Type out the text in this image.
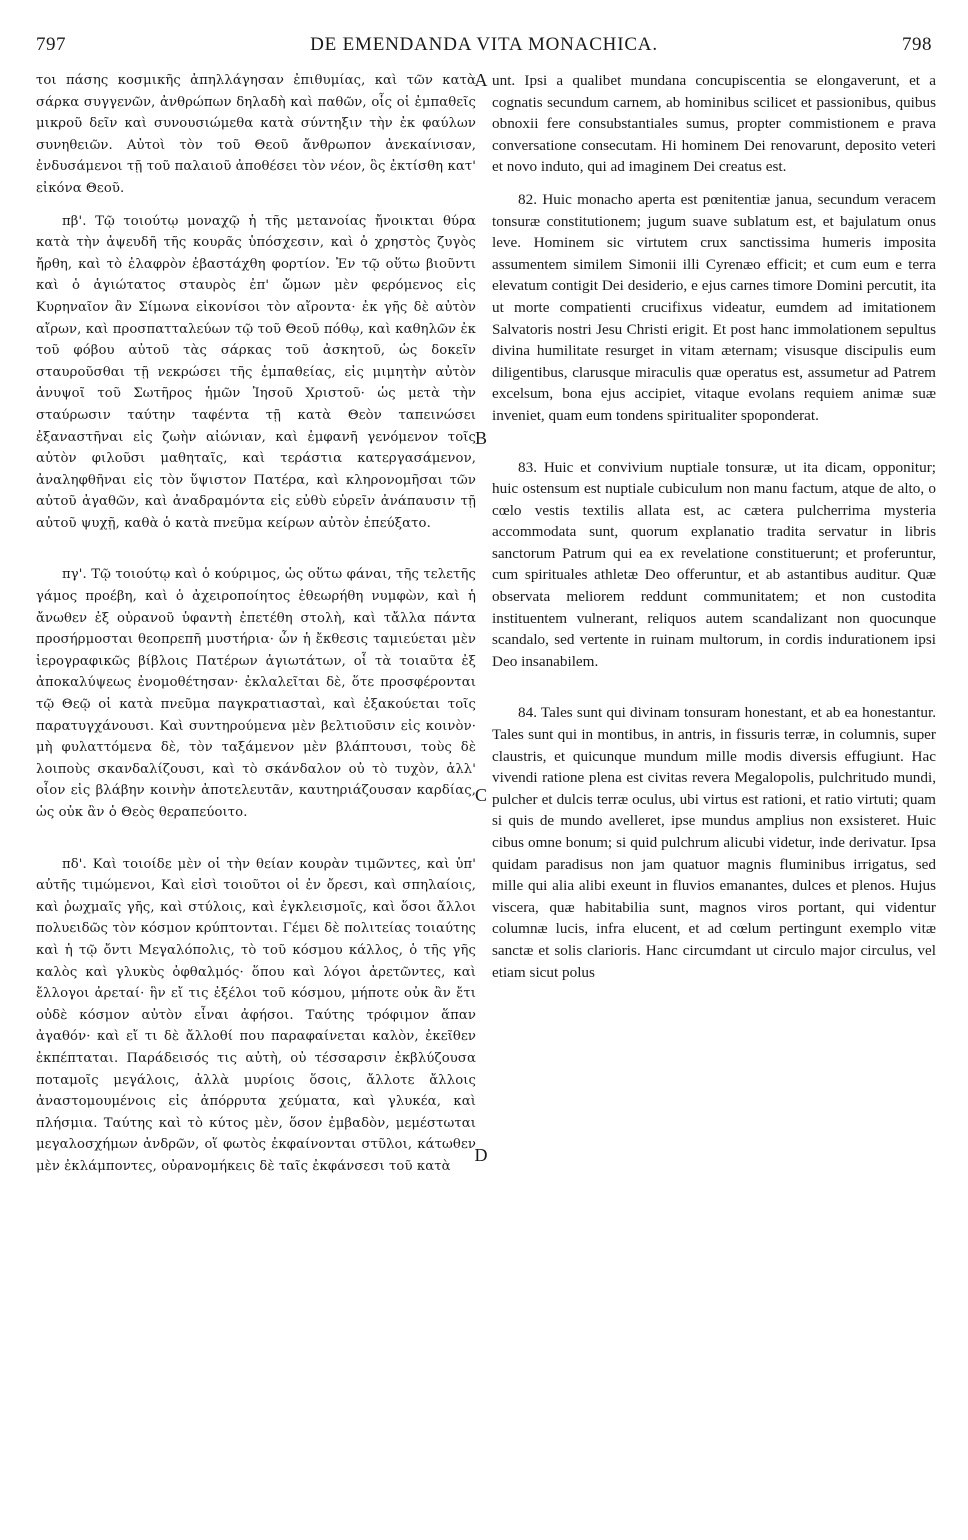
797	DE EMENDANDA VITA MONACHICA.	798

τοι πάσης κοσμικῆς ἀπηλλάγησαν ἐπιθυμίας, καὶ τῶν κατὰ σάρκα συγγενῶν, ἀνθρώπων δηλαδὴ καὶ παθῶν, οἷς οἱ ἐμπαθεῖς μικροῦ δεῖν καὶ συνουσιώμεθα κατὰ σύντηξιν τὴν ἐκ φαύλων συνηθειῶν. Αὐτοὶ τὸν τοῦ Θεοῦ ἄνθρωπον ἀνεκαίνισαν, ἐνδυσάμενοι τῇ τοῦ παλαιοῦ ἀποθέσει τὸν νέον, ὃς ἐκτίσθη κατ' εἰκόνα Θεοῦ.

πβ'. Τῷ τοιούτῳ μοναχῷ ἡ τῆς μετανοίας ἤνοικται θύρα κατὰ τὴν ἀψευδῆ τῆς κουρᾶς ὑπόσχεσιν, καὶ ὁ χρηστὸς ζυγὸς ἤρθη, καὶ τὸ ἐλαφρὸν ἐβαστάχθη φορτίον. Ἐν τῷ οὕτω βιοῦντι καὶ ὁ ἁγιώτατος σταυρὸς ἐπ' ὤμων μὲν φερόμενος εἰς Κυρηναῖον ἂν Σίμωνα εἰκονίσοι τὸν αἴροντα· ἐκ γῆς δὲ αὐτὸν αἴρων, καὶ προσπατταλεύων τῷ τοῦ Θεοῦ πόθῳ, καὶ καθηλῶν ἐκ τοῦ φόβου αὐτοῦ τὰς σάρκας τοῦ ἀσκητοῦ, ὡς δοκεῖν σταυροῦσθαι τῇ νεκρώσει τῆς ἐμπαθείας, εἰς μιμητὴν αὐτὸν ἀνυψοῖ τοῦ Σωτῆρος ἡμῶν Ἰησοῦ Χριστοῦ· ὡς μετὰ τὴν σταύρωσιν ταύτην ταφέντα τῇ κατὰ Θεὸν ταπεινώσει ἐξαναστῆναι εἰς ζωὴν αἰώνιαν, καὶ ἐμφανῆ γενόμενον τοῖς αὐτὸν φιλοῦσι μαθηταῖς, καὶ τεράστια κατεργασάμενον, ἀναληφθῆναι εἰς τὸν ὕψιστον Πατέρα, καὶ κληρονομῆσαι τῶν αὐτοῦ ἀγαθῶν, καὶ ἀναδραμόντα εἰς εὐθὺ εὑρεῖν ἀνάπαυσιν τῇ αὐτοῦ ψυχῇ, καθὰ ὁ κατὰ πνεῦμα κείρων αὐτὸν ἐπεύξατο.

πγ'. Τῷ τοιούτῳ καὶ ὁ κούριμος, ὡς οὕτω φάναι, τῆς τελετῆς γάμος προέβη, καὶ ὁ ἀχειροποίητος ἐθεωρήθη νυμφὼν, καὶ ἡ ἄνωθεν ἐξ οὐρανοῦ ὑφαντὴ ἐπετέθη στολὴ, καὶ τἄλλα πάντα προσήρμοσται θεοπρεπῆ μυστήρια· ὧν ἡ ἔκθεσις ταμιεύεται μὲν ἱερογραφικῶς βίβλοις Πατέρων ἁγιωτάτων, οἷ τὰ τοιαῦτα ἐξ ἀποκαλύψεως ἐνομοθέτησαν· ἐκλαλεῖται δὲ, ὅτε προσφέρονται τῷ Θεῷ οἱ κατὰ πνεῦμα παγκρατιασταὶ, καὶ ἐξακούεται τοῖς παρατυγχάνουσι. Καὶ συντηρούμενα μὲν βελτιοῦσιν εἰς κοινὸν· μὴ φυλαττόμενα δὲ, τὸν ταξάμενον μὲν βλάπτουσι, τοὺς δὲ λοιποὺς σκανδαλίζουσι, καὶ τὸ σκάνδαλον οὐ τὸ τυχὸν, ἀλλ' οἷον εἰς βλάβην κοινὴν ἀποτελευτᾶν, καυτηριάζουσαν καρδίας, ὡς οὐκ ἂν ὁ Θεὸς θεραπεύοιτο.

πδ'. Καὶ τοιοίδε μὲν οἱ τὴν θείαν κουρὰν τιμῶντες, καὶ ὑπ' αὐτῆς τιμώμενοι, Καὶ εἰσὶ τοιοῦτοι οἱ ἐν ὄρεσι, καὶ σπηλαίοις, καὶ ῥωχμαῖς γῆς, καὶ στύλοις, καὶ ἐγκλεισμοῖς, καὶ ὅσοι ἄλλοι πολυειδῶς τὸν κόσμον κρύπτονται. Γέμει δὲ πολιτείας τοιαύτης καὶ ἡ τῷ ὄντι Μεγαλόπολις, τὸ τοῦ κόσμου κάλλος, ὁ τῆς γῆς καλὸς καὶ γλυκὺς ὀφθαλμός· ὅπου καὶ λόγοι ἀρετῶντες, καὶ ἔλλογοι ἀρεταί· ἣν εἴ τις ἐξέλοι τοῦ κόσμου, μήποτε οὐκ ἂν ἔτι οὐδὲ κόσμον αὐτὸν εἶναι ἀφήσοι. Ταύτης τρόφιμον ἅπαν ἀγαθόν· καὶ εἴ τι δὲ ἄλλοθί που παραφαίνεται καλὸν, ἐκεῖθεν ἐκπέπταται. Παράδεισός τις αὐτὴ, οὐ τέσσαρσιν ἐκβλύζουσα ποταμοῖς μεγάλοις, ἀλλὰ μυρίοις ὅσοις, ἄλλοτε ἄλλοις ἀναστομουμένοις εἰς ἀπόρρυτα χεύματα, καὶ γλυκέα, καὶ πλήσμια. Ταύτης καὶ τὸ κύτος μὲν, ὅσον ἐμβαδὸν, μεμέστωται μεγαλοσχήμων ἀνδρῶν, οἵ φωτὸς ἐκφαίνονται στῦλοι, κάτωθεν μὲν ἐκλάμποντες, οὐρανομήκεις δὲ ταῖς ἐκφάνσεσι τοῦ κατὰ

A
B
C
D

unt. Ipsi a qualibet mundana concupiscentia se elongaverunt, et a cognatis secundum carnem, ab hominibus scilicet et passionibus, quibus obnoxii fere consubstantiales sumus, propter commistionem e prava conversatione consecutam. Hi hominem Dei renovarunt, deposito veteri et novo induto, qui ad imaginem Dei creatus est.

82. Huic monacho aperta est pœnitentiæ janua, secundum veracem tonsuræ constitutionem; jugum suave sublatum est, et bajulatum onus leve. Hominem sic virtutem crux sanctissima humeris imposita assumentem similem Simonii illi Cyrenæo efficit; et cum eum e terra elevatum contigit Dei desiderio, e ejus carnes timore Domini percutit, ita ut morte compatienti crucifixus videatur, eumdem ad imitationem Salvatoris nostri Jesu Christi erigit. Et post hanc immolationem sepultus divina humilitate resurget in vitam æternam; visusque discipulis eum diligentibus, clarusque miraculis quæ operatus est, assumetur ad Patrem excelsum, bona ejus accipiet, vitaque evolans requiem animæ suæ inveniet, quam eum tondens spiritualiter spoponderat.

83. Huic et convivium nuptiale tonsuræ, ut ita dicam, opponitur; huic ostensum est nuptiale cubiculum non manu factum, atque de alto, o cœlo vestis textilis allata est, ac cætera pulcherrima mysteria accommodata sunt, quorum explanatio tradita servatur in libris sanctorum Patrum qui ea ex revelatione constituerunt; et proferuntur, cum spirituales athletæ Deo offeruntur, et ab astantibus auditur. Quæ observata meliorem reddunt communitatem; et non custodita instituentem vulnerant, reliquos autem scandalizant non quocunque scandalo, sed vertente in ruinam multorum, in cordis indurationem ipsi Deo insanabilem.

84. Tales sunt qui divinam tonsuram honestant, et ab ea honestantur. Tales sunt qui in montibus, in antris, in fissuris terræ, in columnis, super claustris, et quicunque mundum mille modis diversis effugiunt. Hac vivendi ratione plena est civitas revera Megalopolis, pulchritudo mundi, pulcher et dulcis terræ oculus, ubi virtus est rationi, et ratio virtuti; quam si quis de mundo avelleret, ipse mundus amplius non exsisteret. Huic cibus omne bonum; si quid pulchrum alicubi videtur, inde derivatur. Ipsa quidam paradisus non jam quatuor magnis fluminibus irrigatus, sed mille qui alia alibi exeunt in fluvios emanantes, dulces et plenos. Hujus viscera, quæ habitabilia sunt, magnos viros portant, qui videntur columnæ lucis, infra elucent, et ad cœlum pertingunt exemplo vitæ sanctæ et solis clarioris. Hanc circumdant ut circulo major circulus, vel etiam sicut polus
